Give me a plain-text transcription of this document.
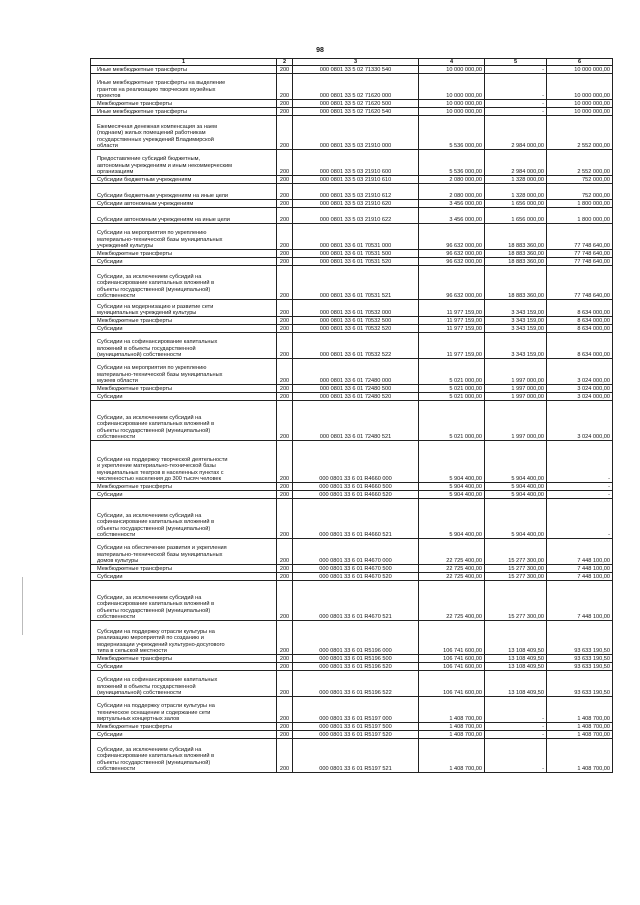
98
1	2	3	4	5	6
Иные межбюджетные трансферты	200	000 0801 33 5 02 71330 540	10 000 000,00	-	10 000 000,00
Иные межбюджетные трансферты на выделение
грантов на реализацию творческих музейных
проектов	200	000 0801 33 5 02 71620 000	10 000 000,00	-	10 000 000,00
Межбюджетные трансферты	200	000 0801 33 5 02 71620 500	10 000 000,00	-	10 000 000,00
Иные межбюджетные трансферты	200	000 0801 33 5 02 71620 540	10 000 000,00	-	10 000 000,00
Ежемесячная денежная компенсация за наем
(поднаем) жилых помещений работникам
государственных учреждений Владимирской
области	200	000 0801 33 5 03 21910 000	5 536 000,00	2 984 000,00	2 552 000,00
Предоставление субсидий бюджетным,
автономным учреждениям и иным некоммерческим
организациям	200	000 0801 33 5 03 21910 600	5 536 000,00	2 984 000,00	2 552 000,00
Субсидии бюджетным учреждениям	200	000 0801 33 5 03 21910 610	2 080 000,00	1 328 000,00	752 000,00
Субсидии бюджетным учреждениям на иные цели	200	000 0801 33 5 03 21910 612	2 080 000,00	1 328 000,00	752 000,00
Субсидии автономным учреждениям	200	000 0801 33 5 03 21910 620	3 456 000,00	1 656 000,00	1 800 000,00
Субсидии автономным учреждениям на иные цели	200	000 0801 33 5 03 21910 622	3 456 000,00	1 656 000,00	1 800 000,00
Субсидии на мероприятия по укреплению
материально-технической базы муниципальных
учреждений культуры	200	000 0801 33 6 01 70531 000	96 632 000,00	18 883 360,00	77 748 640,00
Межбюджетные трансферты	200	000 0801 33 6 01 70531 500	96 632 000,00	18 883 360,00	77 748 640,00
Субсидии	200	000 0801 33 6 01 70531 520	96 632 000,00	18 883 360,00	77 748 640,00
Субсидии, за исключением субсидий на
софинансирование капитальных вложений в
объекты государственной (муниципальной)
собственности	200	000 0801 33 6 01 70531 521	96 632 000,00	18 883 360,00	77 748 640,00
Субсидии на модернизацию и развитие сети
муниципальных учреждений культуры	200	000 0801 33 6 01 70532 000	11 977 159,00	3 343 159,00	8 634 000,00
Межбюджетные трансферты	200	000 0801 33 6 01 70532 500	11 977 159,00	3 343 159,00	8 634 000,00
Субсидии	200	000 0801 33 6 01 70532 520	11 977 159,00	3 343 159,00	8 634 000,00
Субсидии на софинансирование капитальных
вложений в объекты государственной
(муниципальной) собственности	200	000 0801 33 6 01 70532 522	11 977 159,00	3 343 159,00	8 634 000,00
Субсидии на мероприятия по укреплению
материально-технической базы муниципальных
музеев области	200	000 0801 33 6 01 72480 000	5 021 000,00	1 997 000,00	3 024 000,00
Межбюджетные трансферты	200	000 0801 33 6 01 72480 500	5 021 000,00	1 997 000,00	3 024 000,00
Субсидии	200	000 0801 33 6 01 72480 520	5 021 000,00	1 997 000,00	3 024 000,00
Субсидии, за исключением субсидий на
софинансирование капитальных вложений в
объекты государственной (муниципальной)
собственности	200	000 0801 33 6 01 72480 521	5 021 000,00	1 997 000,00	3 024 000,00
Субсидии на поддержку творческой деятельности
и укрепление материально-технической базы
муниципальных театров в населенных пунктах с
численностью населения до 300 тысяч человек	200	000 0801 33 6 01 R4660 000	5 904 400,00	5 904 400,00	-
Межбюджетные трансферты	200	000 0801 33 6 01 R4660 500	5 904 400,00	5 904 400,00	-
Субсидии	200	000 0801 33 6 01 R4660 520	5 904 400,00	5 904 400,00	-
Субсидии, за исключением субсидий на
софинансирование капитальных вложений в
объекты государственной (муниципальной)
собственности	200	000 0801 33 6 01 R4660 521	5 904 400,00	5 904 400,00	-
Субсидии на обеспечение развития и укрепления
материально-технической базы муниципальных
домов культуры	200	000 0801 33 6 01 R4670 000	22 725 400,00	15 277 300,00	7 448 100,00
Межбюджетные трансферты	200	000 0801 33 6 01 R4670 500	22 725 400,00	15 277 300,00	7 448 100,00
Субсидии	200	000 0801 33 6 01 R4670 520	22 725 400,00	15 277 300,00	7 448 100,00
Субсидии, за исключением субсидий на
софинансирование капитальных вложений в
объекты государственной (муниципальной)
собственности	200	000 0801 33 6 01 R4670 521	22 725 400,00	15 277 300,00	7 448 100,00
Субсидии на поддержку отрасли культуры на
реализацию мероприятий по созданию и
модернизации учреждений культурно-досугового
типа в сельской местности	200	000 0801 33 6 01 R5196 000	106 741 600,00	13 108 409,50	93 633 190,50
Межбюджетные трансферты	200	000 0801 33 6 01 R5196 500	106 741 600,00	13 108 409,50	93 633 190,50
Субсидии	200	000 0801 33 6 01 R5196 520	106 741 600,00	13 108 409,50	93 633 190,50
Субсидии на софинансирование капитальных
вложений в объекты государственной
(муниципальной) собственности	200	000 0801 33 6 01 R5196 522	106 741 600,00	13 108 409,50	93 633 190,50
Субсидии на поддержку отрасли культуры на
техническое оснащение и содержание сети
виртуальных концертных залов	200	000 0801 33 6 01 R5197 000	1 408 700,00	-	1 408 700,00
Межбюджетные трансферты	200	000 0801 33 6 01 R5197 500	1 408 700,00	-	1 408 700,00
Субсидии	200	000 0801 33 6 01 R5197 520	1 408 700,00	-	1 408 700,00
Субсидии, за исключением субсидий на
софинансирование капитальных вложений в
объекты государственной (муниципальной)
собственности	200	000 0801 33 6 01 R5197 521	1 408 700,00	-	1 408 700,00
